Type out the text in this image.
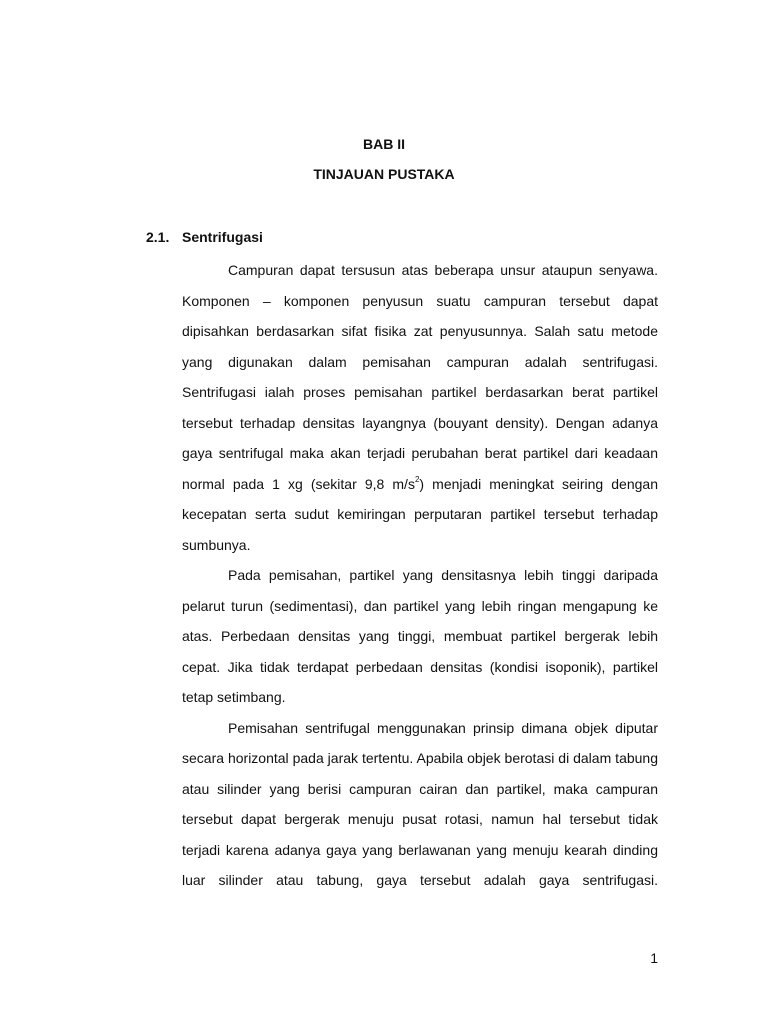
BAB II
TINJAUAN PUSTAKA
2.1. Sentrifugasi

Campuran dapat tersusun atas beberapa unsur ataupun senyawa. Komponen – komponen penyusun suatu campuran tersebut dapat dipisahkan berdasarkan sifat fisika zat penyusunnya. Salah satu metode yang digunakan dalam pemisahan campuran adalah sentrifugasi. Sentrifugasi ialah proses pemisahan partikel berdasarkan berat partikel tersebut terhadap densitas layangnya (bouyant density). Dengan adanya gaya sentrifugal maka akan terjadi perubahan berat partikel dari keadaan normal pada 1 xg (sekitar 9,8 $m/s^2$) menjadi meningkat seiring dengan kecepatan serta sudut kemiringan perputaran partikel tersebut terhadap sumbunya.

Pada pemisahan, partikel yang densitasnya lebih tinggi daripada pelarut turun (sedimentasi), dan partikel yang lebih ringan mengapung ke atas. Perbedaan densitas yang tinggi, membuat partikel bergerak lebih cepat. Jika tidak terdapat perbedaan densitas (kondisi isoponik), partikel tetap setimbang.

Pemisahan sentrifugal menggunakan prinsip dimana objek diputar secara horizontal pada jarak tertentu. Apabila objek berotasi di dalam tabung atau silinder yang berisi campuran cairan dan partikel, maka campuran tersebut dapat bergerak menuju pusat rotasi, namun hal tersebut tidak terjadi karena adanya gaya yang berlawanan yang menuju kearah dinding luar silinder atau tabung, gaya tersebut adalah gaya sentrifugasi.

1
